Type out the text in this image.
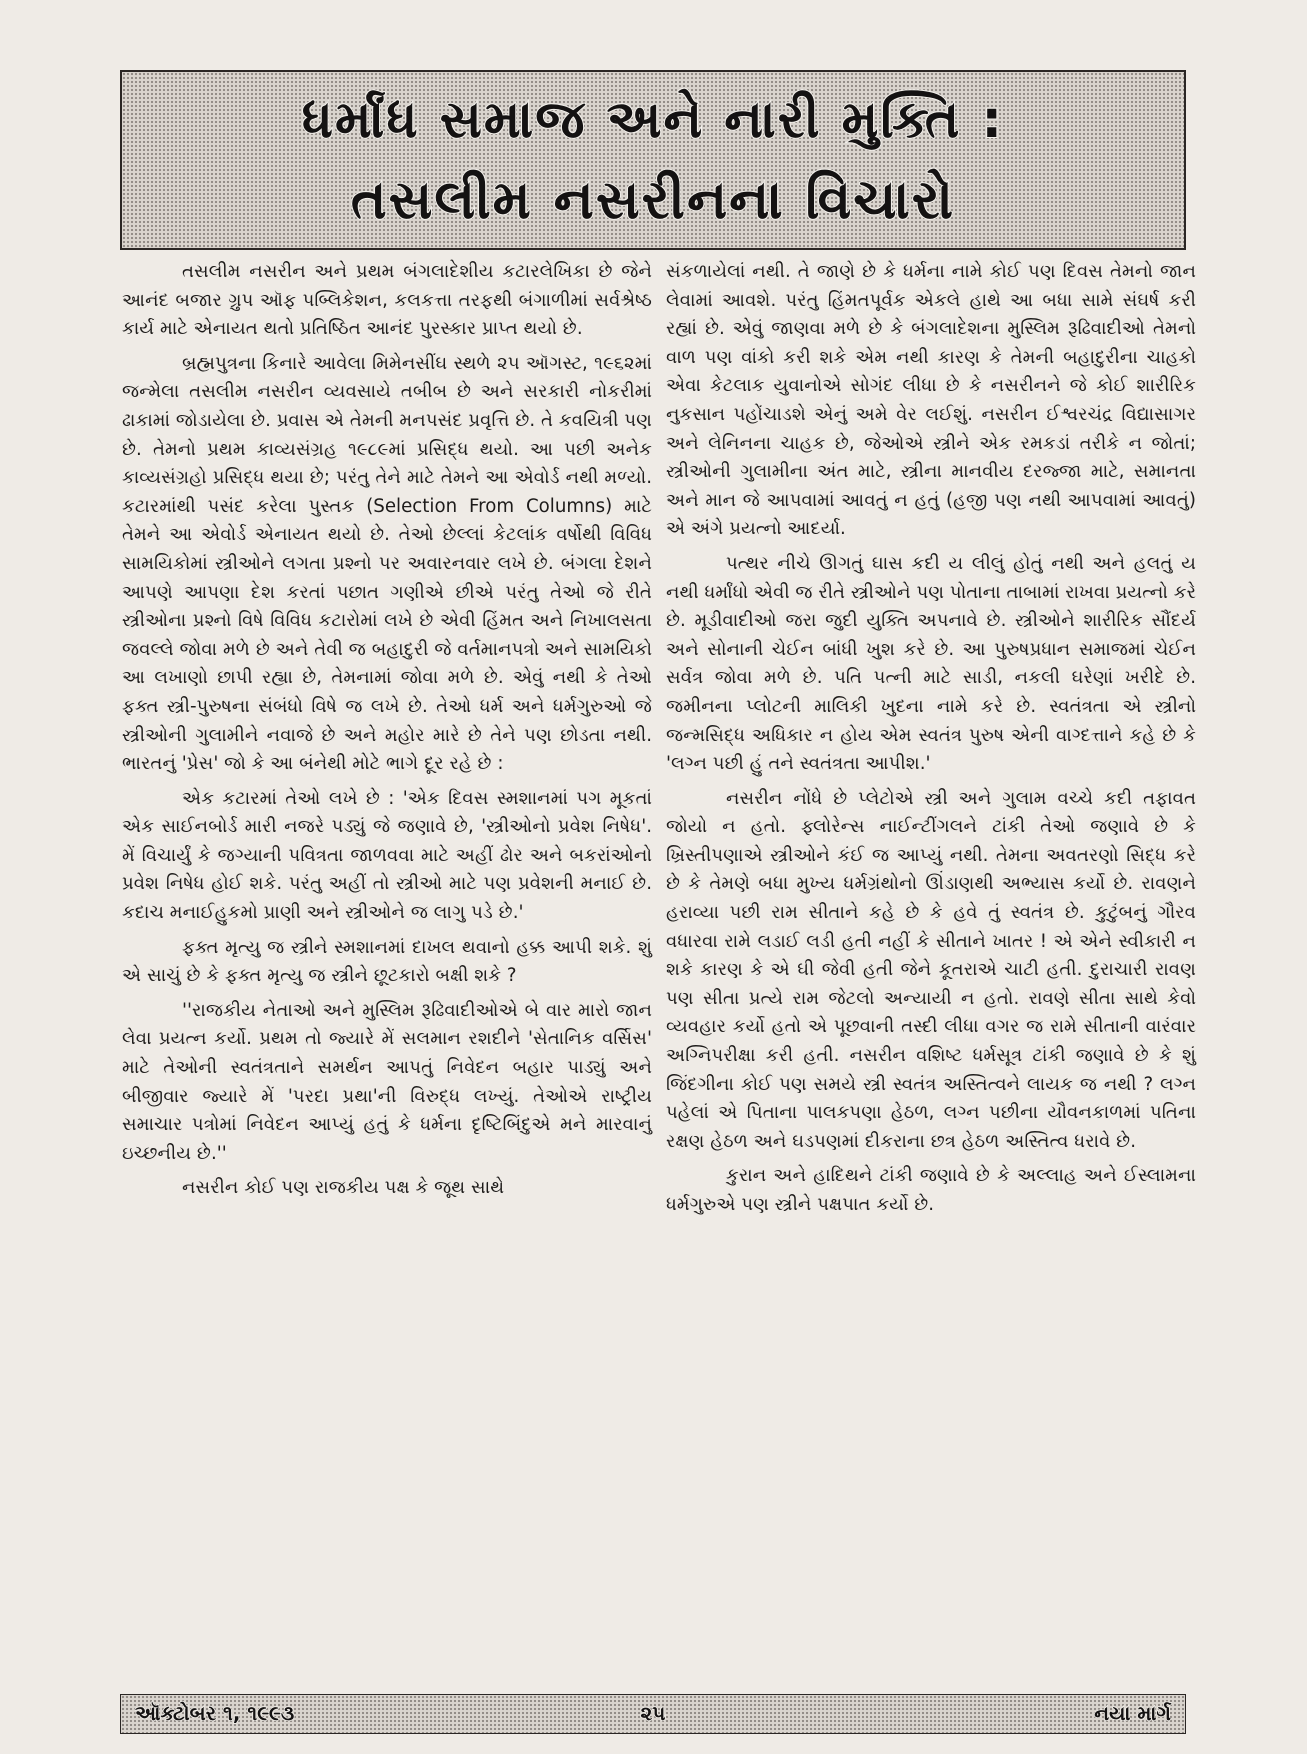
ધર્માંધ સમાજ અને નારી મુક્તિ :
તસલીમ નસરીનના વિચારો

તસલીમ નસરીન અને પ્રથમ બંગલાદેશીય કટારલેખિકા છે જેને આનંદ બજાર ગ્રુપ ઑફ પબ્લિકેશન, કલકત્તા તરફથી બંગાળીમાં સર્વશ્રેષ્ઠ કાર્ય માટે એનાયત થતો પ્રતિષ્ઠિત આનંદ પુરસ્કાર પ્રાપ્ત થયો છે.

બ્રહ્મપુત્રના કિનારે આવેલા મિમેનસીંઘ સ્થળે ૨૫ ઑગસ્ટ, ૧૯૬૨માં જન્મેલા તસલીમ નસરીન વ્યવસાયે તબીબ છે અને સરકારી નોકરીમાં ઢાકામાં જોડાયેલા છે. પ્રવાસ એ તેમની મનપસંદ પ્રવૃત્તિ છે. તે કવયિત્રી પણ છે. તેમનો પ્રથમ કાવ્યસંગ્રહ ૧૯૮૯માં પ્રસિદ્ધ થયો. આ પછી અનેક કાવ્યસંગ્રહો પ્રસિદ્ધ થયા છે; પરંતુ તેને માટે તેમને આ એવોર્ડ નથી મળ્યો. કટારમાંથી પસંદ કરેલા પુસ્તક (Selection From Columns) માટે તેમને આ એવોર્ડ એનાયત થયો છે. તેઓ છેલ્લાં કેટલાંક વર્ષોથી વિવિધ સામયિકોમાં સ્ત્રીઓને લગતા પ્રશ્નો પર અવારનવાર લખે છે. બંગલા દેશને આપણે આપણા દેશ કરતાં પછાત ગણીએ છીએ પરંતુ તેઓ જે રીતે સ્ત્રીઓના પ્રશ્નો વિષે વિવિધ કટારોમાં લખે છે એવી હિંમત અને નિખાલસતા જવલ્લે જોવા મળે છે અને તેવી જ બહાદુરી જે વર્તમાનપત્રો અને સામયિકો આ લખાણો છાપી રહ્યા છે, તેમનામાં જોવા મળે છે. એવું નથી કે તેઓ ફક્ત સ્ત્રી-પુરુષના સંબંધો વિષે જ લખે છે. તેઓ ધર્મ અને ધર્મગુરુઓ જે સ્ત્રીઓની ગુલામીને નવાજે છે અને મહોર મારે છે તેને પણ છોડતા નથી. ભારતનું 'પ્રેસ' જો કે આ બંનેથી મોટે ભાગે દૂર રહે છે :

એક કટારમાં તેઓ લખે છે : 'એક દિવસ સ્મશાનમાં પગ મૂકતાં એક સાઈનબોર્ડ મારી નજરે પડ્યું જે જણાવે છે, 'સ્ત્રીઓનો પ્રવેશ નિષેધ'. મેં વિચાર્યું કે જગ્યાની પવિત્રતા જાળવવા માટે અહીં ઢોર અને બકરાંઓનો પ્રવેશ નિષેધ હોઈ શકે. પરંતુ અહીં તો સ્ત્રીઓ માટે પણ પ્રવેશની મનાઈ છે. કદાચ મનાઈહુકમો પ્રાણી અને સ્ત્રીઓને જ લાગુ પડે છે.'

ફક્ત મૃત્યુ જ સ્ત્રીને સ્મશાનમાં દાખલ થવાનો હક્ક આપી શકે. શું એ સાચું છે કે ફક્ત મૃત્યુ જ સ્ત્રીને છૂટકારો બક્ષી શકે ?

''રાજકીય નેતાઓ અને મુસ્લિમ રૂઢિવાદીઓએ બે વાર મારો જાન લેવા પ્રયત્ન કર્યો. પ્રથમ તો જ્યારે મેં સલમાન રશદીને 'સેતાનિક વર્સિસ' માટે તેઓની સ્વતંત્રતાને સમર્થન આપતું નિવેદન બહાર પાડ્યું અને બીજીવાર જ્યારે મેં 'પરદા પ્રથા'ની વિરુદ્ધ લખ્યું. તેઓએ રાષ્ટ્રીય સમાચાર પત્રોમાં નિવેદન આપ્યું હતું કે ધર્મના દૃષ્ટિબિંદુએ મને મારવાનું ઇચ્છનીય છે.''

નસરીન કોઈ પણ રાજકીય પક્ષ કે જૂથ સાથે

સંકળાયેલાં નથી. તે જાણે છે કે ધર્મના નામે કોઈ પણ દિવસ તેમનો જાન લેવામાં આવશે. પરંતુ હિંમતપૂર્વક એકલે હાથે આ બધા સામે સંઘર્ષ કરી રહ્યાં છે. એવું જાણવા મળે છે કે બંગલાદેશના મુસ્લિમ રૂઢિવાદીઓ તેમનો વાળ પણ વાંકો કરી શકે એમ નથી કારણ કે તેમની બહાદુરીના ચાહકો એવા કેટલાક યુવાનોએ સોગંદ લીધા છે કે નસરીનને જે કોઈ શારીરિક નુકસાન પહોંચાડશે એનું અમે વેર લઈશું. નસરીન ઈશ્વરચંદ્ર વિદ્યાસાગર અને લેનિનના ચાહક છે, જેઓએ સ્ત્રીને એક રમકડાં તરીકે ન જોતાં; સ્ત્રીઓની ગુલામીના અંત માટે, સ્ત્રીના માનવીય દરજ્જા માટે, સમાનતા અને માન જે આપવામાં આવતું ન હતું (હજી પણ નથી આપવામાં આવતું) એ અંગે પ્રયત્નો આદર્યા.

પત્થર નીચે ઊગતું ઘાસ કદી ય લીલું હોતું નથી અને હલતું ય નથી ધર્માંધો એવી જ રીતે સ્ત્રીઓને પણ પોતાના તાબામાં રાખવા પ્રયત્નો કરે છે. મૂડીવાદીઓ જરા જુદી યુક્તિ અપનાવે છે. સ્ત્રીઓને શારીરિક સૌંદર્ય અને સોનાની ચેઈન બાંધી ખુશ કરે છે. આ પુરુષપ્રધાન સમાજમાં ચેઈન સર્વત્ર જોવા મળે છે. પતિ પત્ની માટે સાડી, નકલી ઘરેણાં ખરીદે છે. જમીનના પ્લોટની માલિકી ખુદના નામે કરે છે. સ્વતંત્રતા એ સ્ત્રીનો જન્મસિદ્ધ અધિકાર ન હોય એમ સ્વતંત્ર પુરુષ એની વાગ્દત્તાને કહે છે કે 'લગ્ન પછી હું તને સ્વતંત્રતા આપીશ.'

નસરીન નોંધે છે પ્લેટોએ સ્ત્રી અને ગુલામ વચ્ચે કદી તફાવત જોયો ન હતો. ફ્લોરેન્સ નાઈન્ટીંગલને ટાંકી તેઓ જણાવે છે કે ખ્રિસ્તીપણાએ સ્ત્રીઓને કંઈ જ આપ્યું નથી. તેમના અવતરણો સિદ્ધ કરે છે કે તેમણે બધા મુખ્ય ધર્મગ્રંથોનો ઊંડાણથી અભ્યાસ કર્યો છે. રાવણને હરાવ્યા પછી રામ સીતાને કહે છે કે હવે તું સ્વતંત્ર છે. કુટુંબનું ગૌરવ વધારવા રામે લડાઈ લડી હતી નહીં કે સીતાને ખાતર ! એ એને સ્વીકારી ન શકે કારણ કે એ ઘી જેવી હતી જેને કૂતરાએ ચાટી હતી. દુરાચારી રાવણ પણ સીતા પ્રત્યે રામ જેટલો અન્યાયી ન હતો. રાવણે સીતા સાથે કેવો વ્યવહાર કર્યો હતો એ પૂછવાની તસ્દી લીધા વગર જ રામે સીતાની વારંવાર અગ્નિપરીક્ષા કરી હતી. નસરીન વશિષ્ટ ધર્મસૂત્ર ટાંકી જણાવે છે કે શું જિંદગીના કોઈ પણ સમયે સ્ત્રી સ્વતંત્ર અસ્તિત્વને લાયક જ નથી ? લગ્ન પહેલાં એ પિતાના પાલકપણા હેઠળ, લગ્ન પછીના યૌવનકાળમાં પતિના રક્ષણ હેઠળ અને ઘડપણમાં દીકરાના છત્ર હેઠળ અસ્તિત્વ ધરાવે છે.

કુરાન અને હાદિથને ટાંકી જણાવે છે કે અલ્લાહ અને ઈસ્લામના ધર્મગુરુએ પણ સ્ત્રીને પક્ષપાત કર્યો છે.

ઑક્ટોબર ૧, ૧૯૯૩	૨૫	નયા માર્ગ
